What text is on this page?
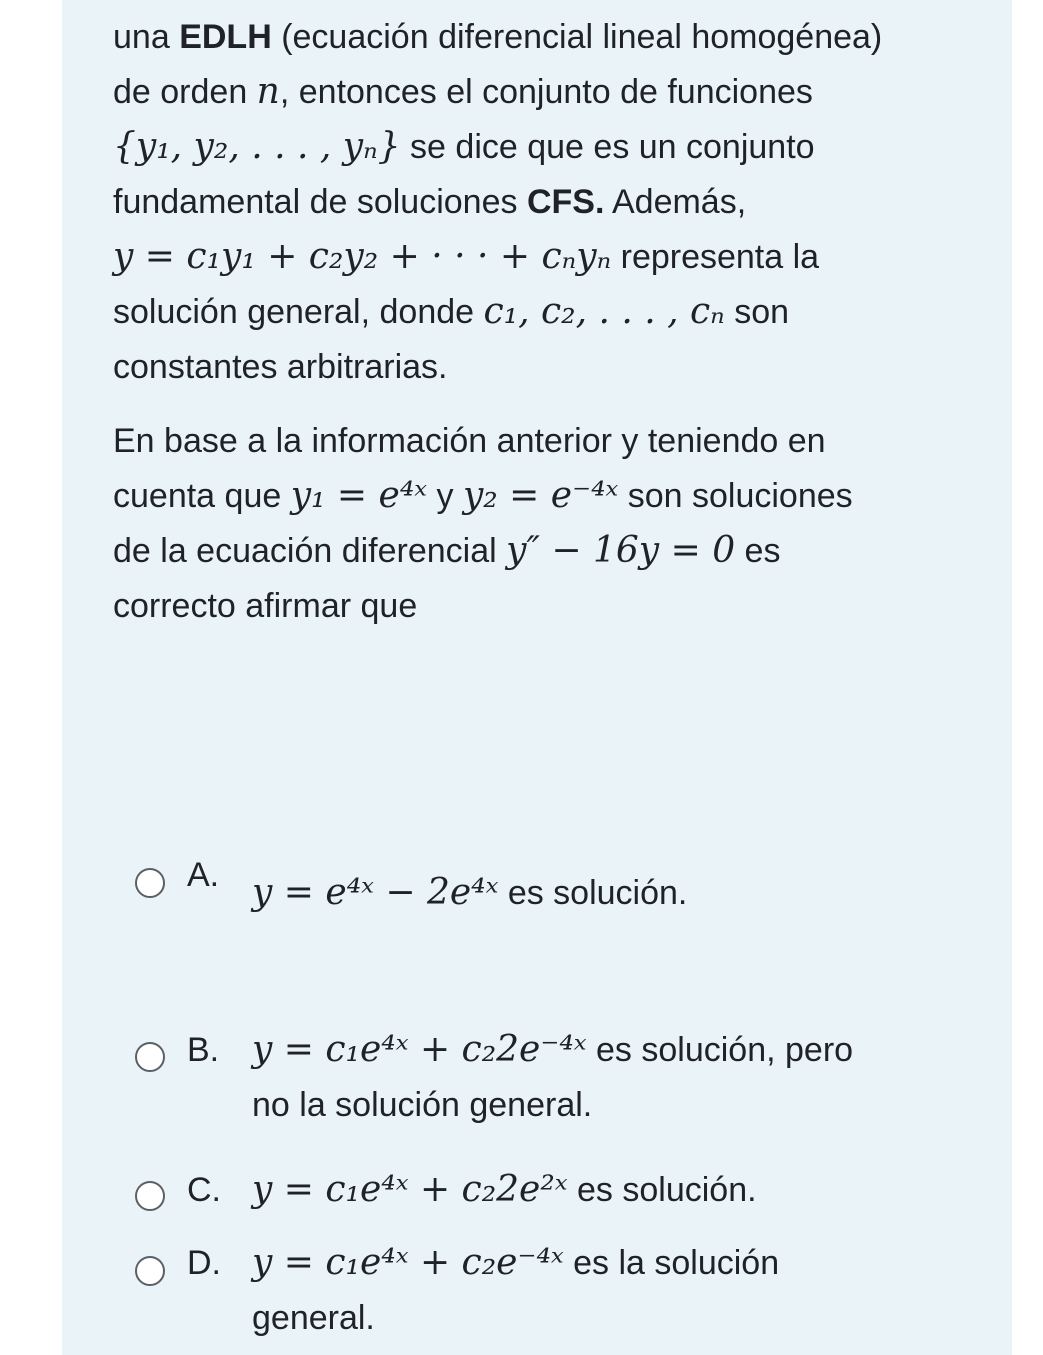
una EDLH (ecuación diferencial lineal homogénea)
de orden n, entonces el conjunto de funciones
{y₁, y₂, . . . , yₙ} se dice que es un conjunto
fundamental de soluciones CFS. Además,
y = c₁y₁ + c₂y₂ + · · · + cₙyₙ representa la
solución general, donde c₁, c₂, . . . , cₙ son
constantes arbitrarias.
En base a la información anterior y teniendo en
cuenta que y₁ = e⁴ˣ y y₂ = e⁻⁴ˣ son soluciones
de la ecuación diferencial y″ − 16y = 0 es
correcto afirmar que
A. y = e⁴ˣ − 2e⁴ˣ es solución.
B. y = c₁e⁴ˣ + c₂2e⁻⁴ˣ es solución, pero
no la solución general.
C. y = c₁e⁴ˣ + c₂2e²ˣ es solución.
D. y = c₁e⁴ˣ + c₂e⁻⁴ˣ es la solución
general.
